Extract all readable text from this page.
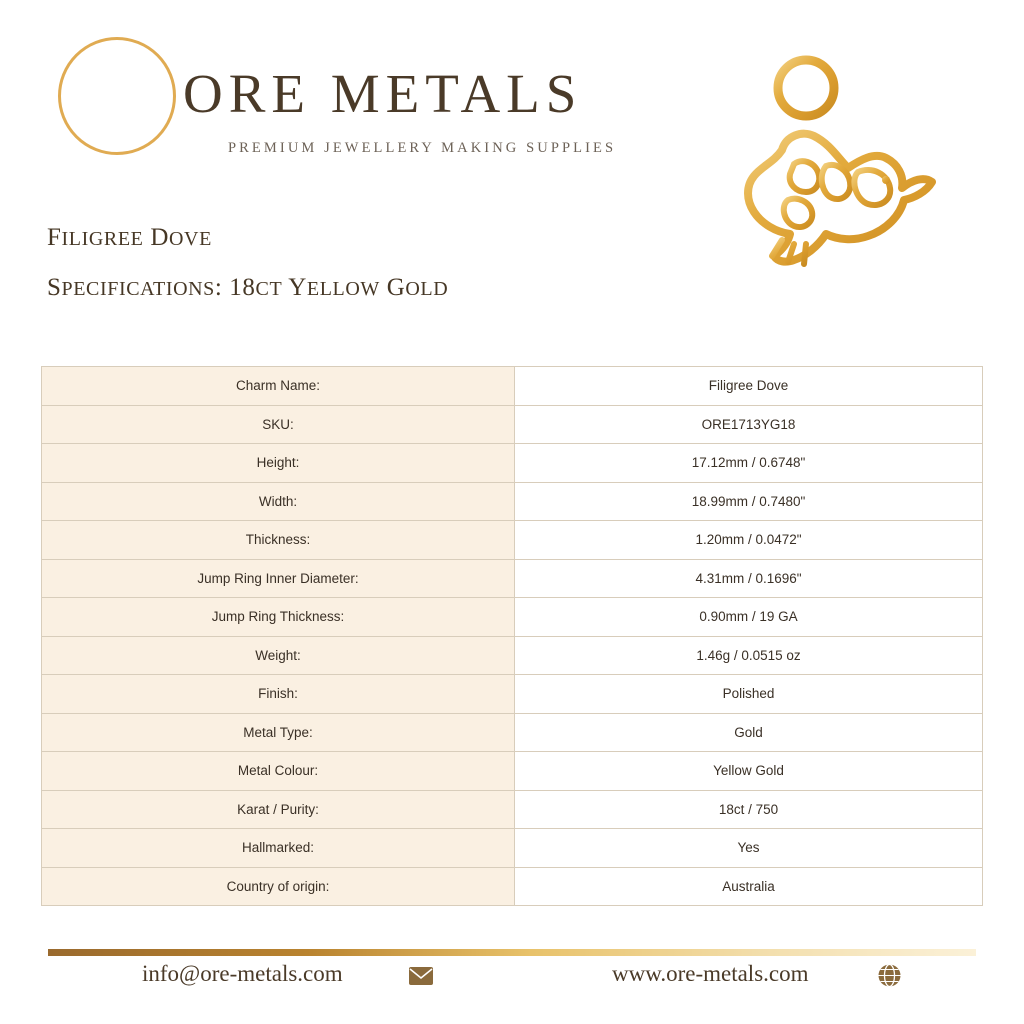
ORE METALS
PREMIUM JEWELLERY MAKING SUPPLIES
FILIGREE DOVE
SPECIFICATIONS: 18CT YELLOW GOLD
Charm Name:	Filigree Dove
SKU:	ORE1713YG18
Height:	17.12mm / 0.6748"
Width:	18.99mm / 0.7480"
Thickness:	1.20mm / 0.0472"
Jump Ring Inner Diameter:	4.31mm / 0.1696"
Jump Ring Thickness:	0.90mm / 19 GA
Weight:	1.46g / 0.0515 oz
Finish:	Polished
Metal Type:	Gold
Metal Colour:	Yellow Gold
Karat / Purity:	18ct / 750
Hallmarked:	Yes
Country of origin:	Australia
info@ore-metals.com	www.ore-metals.com
